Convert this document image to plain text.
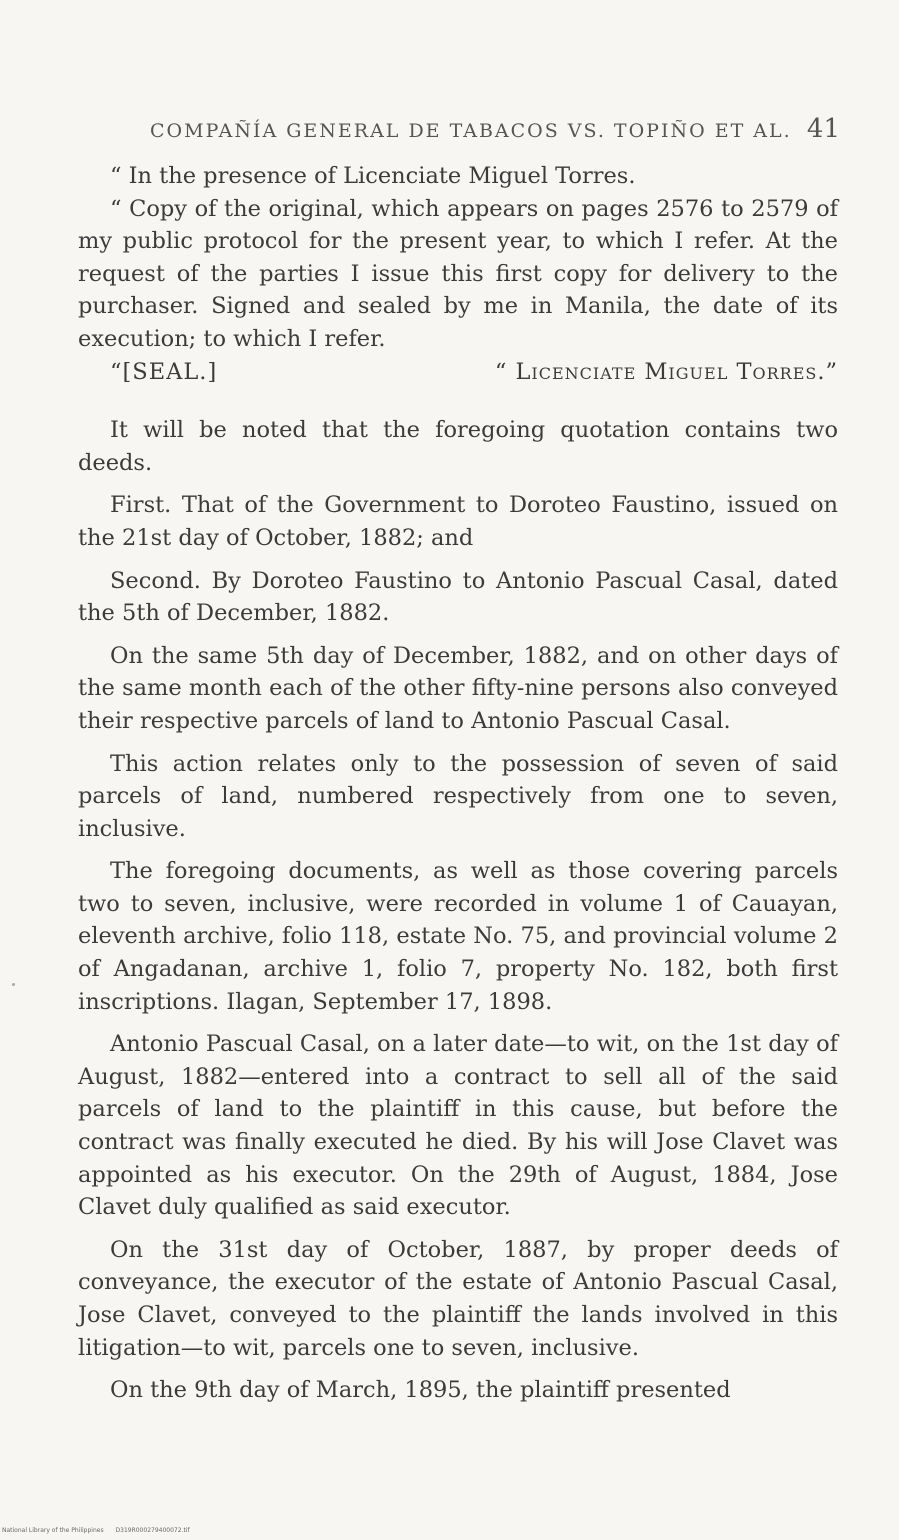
COMPAÑÍA GENERAL DE TABACOS VS. TOPIÑO ET AL. 41

“ In the presence of Licenciate Miguel Torres.

“ Copy of the original, which appears on pages 2576 to 2579 of my public protocol for the present year, to which I refer. At the request of the parties I issue this first copy for delivery to the purchaser. Signed and sealed by me in Manila, the date of its execution; to which I refer.

“[SEAL.]	“ Licenciate Miguel Torres.”

It will be noted that the foregoing quotation contains two deeds.

First. That of the Government to Doroteo Faustino, issued on the 21st day of October, 1882; and

Second. By Doroteo Faustino to Antonio Pascual Casal, dated the 5th of December, 1882.

On the same 5th day of December, 1882, and on other days of the same month each of the other fifty-nine persons also conveyed their respective parcels of land to Antonio Pascual Casal.

This action relates only to the possession of seven of said parcels of land, numbered respectively from one to seven, inclusive.

The foregoing documents, as well as those covering parcels two to seven, inclusive, were recorded in volume 1 of Cauayan, eleventh archive, folio 118, estate No. 75, and provincial volume 2 of Angadanan, archive 1, folio 7, property No. 182, both first inscriptions. Ilagan, September 17, 1898.

Antonio Pascual Casal, on a later date—to wit, on the 1st day of August, 1882—entered into a contract to sell all of the said parcels of land to the plaintiff in this cause, but before the contract was finally executed he died. By his will Jose Clavet was appointed as his executor. On the 29th of August, 1884, Jose Clavet duly qualified as said executor.

On the 31st day of October, 1887, by proper deeds of conveyance, the executor of the estate of Antonio Pascual Casal, Jose Clavet, conveyed to the plaintiff the lands involved in this litigation—to wit, parcels one to seven, inclusive.

On the 9th day of March, 1895, the plaintiff presented

National Library of the Philippines D319R000279400072.tif
